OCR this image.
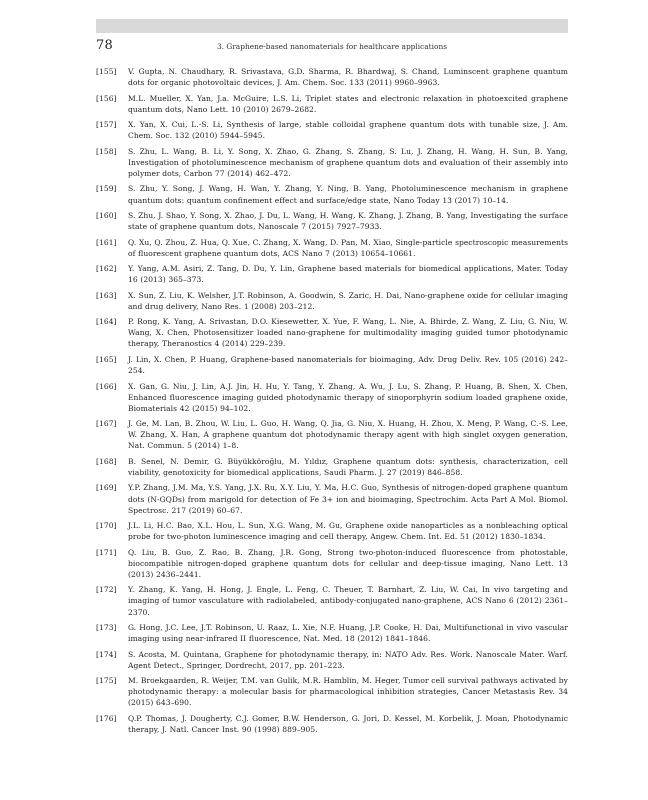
78	3. Graphene-based nanomaterials for healthcare applications
[155] V. Gupta, N. Chaudhary, R. Srivastava, G.D. Sharma, R. Bhardwaj, S. Chand, Luminscent graphene quantum dots for organic photovoltaic devices, J. Am. Chem. Soc. 133 (2011) 9960–9963.
[156] M.L. Mueller, X. Yan, J.a. McGuire, L.S. Li, Triplet states and electronic relaxation in photoexcited graphene quantum dots, Nano Lett. 10 (2010) 2679–2682.
[157] X. Yan, X. Cui, L.-S. Li, Synthesis of large, stable colloidal graphene quantum dots with tunable size, J. Am. Chem. Soc. 132 (2010) 5944–5945.
[158] S. Zhu, L. Wang, B. Li, Y. Song, X. Zhao, G. Zhang, S. Zhang, S. Lu, J. Zhang, H. Wang, H. Sun, B. Yang, Investigation of photoluminescence mechanism of graphene quantum dots and evaluation of their assembly into polymer dots, Carbon 77 (2014) 462–472.
[159] S. Zhu, Y. Song, J. Wang, H. Wan, Y. Zhang, Y. Ning, B. Yang, Photoluminescence mechanism in graphene quantum dots: quantum confinement effect and surface/edge state, Nano Today 13 (2017) 10–14.
[160] S. Zhu, J. Shao, Y. Song, X. Zhao, J. Du, L. Wang, H. Wang, K. Zhang, J. Zhang, B. Yang, Investigating the surface state of graphene quantum dots, Nanoscale 7 (2015) 7927–7933.
[161] Q. Xu, Q. Zhou, Z. Hua, Q. Xue, C. Zhang, X. Wang, D. Pan, M. Xiao, Single-particle spectroscopic measurements of fluorescent graphene quantum dots, ACS Nano 7 (2013) 10654–10661.
[162] Y. Yang, A.M. Asiri, Z. Tang, D. Du, Y. Lin, Graphene based materials for biomedical applications, Mater. Today 16 (2013) 365–373.
[163] X. Sun, Z. Liu, K. Welsher, J.T. Robinson, A. Goodwin, S. Zaric, H. Dai, Nano-graphene oxide for cellular imaging and drug delivery, Nano Res. 1 (2008) 203–212.
[164] P. Rong, K. Yang, A. Srivastan, D.O. Kiesewetter, X. Yue, F. Wang, L. Nie, A. Bhirde, Z. Wang, Z. Liu, G. Niu, W. Wang, X. Chen, Photosensitizer loaded nano-graphene for multimodality imaging guided tumor photodynamic therapy, Theranostics 4 (2014) 229–239.
[165] J. Lin, X. Chen, P. Huang, Graphene-based nanomaterials for bioimaging, Adv. Drug Deliv. Rev. 105 (2016) 242–254.
[166] X. Gan, G. Niu, J. Lin, A.J. Jin, H. Hu, Y. Tang, Y. Zhang, A. Wu, J. Lu, S. Zhang, P. Huang, B. Shen, X. Chen, Enhanced fluorescence imaging guided photodynamic therapy of sinoporphyrin sodium loaded graphene oxide, Biomaterials 42 (2015) 94–102.
[167] J. Ge, M. Lan, B. Zhou, W. Liu, L. Guo, H. Wang, Q. Jia, G. Niu, X. Huang, H. Zhou, X. Meng, P. Wang, C.-S. Lee, W. Zhang, X. Han, A graphene quantum dot photodynamic therapy agent with high singlet oxygen generation, Nat. Commun. 5 (2014) 1–8.
[168] B. Senel, N. Demir, G. Büyükköroğlu, M. Yıldız, Graphene quantum dots: synthesis, characterization, cell viability, genotoxicity for biomedical applications, Saudi Pharm. J. 27 (2019) 846–858.
[169] Y.P. Zhang, J.M. Ma, Y.S. Yang, J.X. Ru, X.Y. Liu, Y. Ma, H.C. Guo, Synthesis of nitrogen-doped graphene quantum dots (N-GQDs) from marigold for detection of Fe 3+ ion and bioimaging, Spectrochim. Acta Part A Mol. Biomol. Spectrosc. 217 (2019) 60–67.
[170] J.L. Li, H.C. Bao, X.L. Hou, L. Sun, X.G. Wang, M. Gu, Graphene oxide nanoparticles as a nonbleaching optical probe for two-photon luminescence imaging and cell therapy, Angew. Chem. Int. Ed. 51 (2012) 1830–1834.
[171] Q. Liu, B. Guo, Z. Rao, B. Zhang, J.R. Gong, Strong two-photon-induced fluorescence from photostable, biocompatible nitrogen-doped graphene quantum dots for cellular and deep-tissue imaging, Nano Lett. 13 (2013) 2436–2441.
[172] Y. Zhang, K. Yang, H. Hong, J. Engle, L. Feng, C. Theuer, T. Barnhart, Z. Liu, W. Cai, In vivo targeting and imaging of tumor vasculature with radiolabeled, antibody-conjugated nano-graphene, ACS Nano 6 (2012) 2361–2370.
[173] G. Hong, J.C. Lee, J.T. Robinson, U. Raaz, L. Xie, N.F. Huang, J.P. Cooke, H. Dai, Multifunctional in vivo vascular imaging using near-infrared II fluorescence, Nat. Med. 18 (2012) 1841–1846.
[174] S. Acosta, M. Quintana, Graphene for photodynamic therapy, in: NATO Adv. Res. Work. Nanoscale Mater. Warf. Agent Detect., Springer, Dordrecht, 2017, pp. 201–223.
[175] M. Broekgaarden, R. Weijer, T.M. van Gulik, M.R. Hamblin, M. Heger, Tumor cell survival pathways activated by photodynamic therapy: a molecular basis for pharmacological inhibition strategies, Cancer Metastasis Rev. 34 (2015) 643–690.
[176] Q.P. Thomas, J. Dougherty, C.J. Gomer, B.W. Henderson, G. Jori, D. Kessel, M. Korbelik, J. Moan, Photodynamic therapy, J. Natl. Cancer Inst. 90 (1998) 889–905.
